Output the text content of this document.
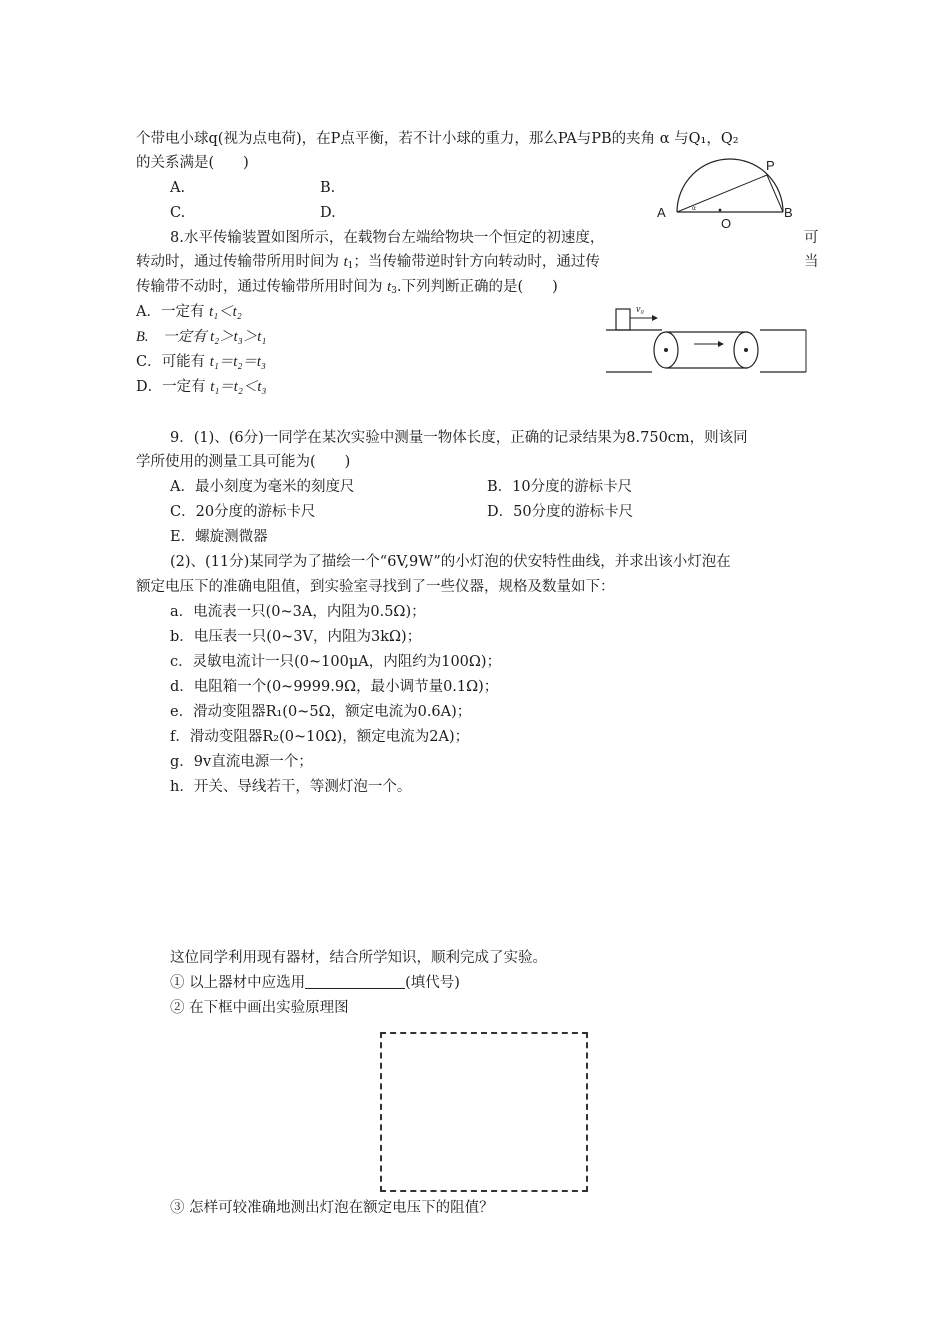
个带电小球q(视为点电荷)，在P点平衡，若不计小球的重力，那么PA与PB的夹角 α 与Q₁，Q₂
的关系满是(　　)
A.	B.
C.	D.	α
A	B
O
P
8.水平传输装置如图所示，在载物台左端给物块一个恒定的初速度，	可
转动时，通过传输带所用时间为 $t_1$；当传输带逆时针方向转动时，通过传	当
传输带不动时，通过传输带所用时间为 $t_3$.下列判断正确的是(　　)
A．一定有 t₁＜t₂
B.　一定有 t₂＞t₃＞t₁
C．可能有 t₁＝t₂＝t₃
D．一定有 t₁＝t₂＜t₃
v₀
9．(1)、(6分)一同学在某次实验中测量一物体长度，正确的记录结果为8.750cm，则该同
学所使用的测量工具可能为(　　)
A．最小刻度为毫米的刻度尺	B．10分度的游标卡尺
C．20分度的游标卡尺	D．50分度的游标卡尺
E．螺旋测微器
(2)、(11分)某同学为了描绘一个“6V,9W”的小灯泡的伏安特性曲线，并求出该小灯泡在
额定电压下的准确电阻值，到实验室寻找到了一些仪器，规格及数量如下：
a．电流表一只(0~3A，内阻为0.5Ω)；
b．电压表一只(0~3V，内阻为3kΩ)；
c．灵敏电流计一只(0~100μA，内阻约为100Ω)；
d．电阻箱一个(0~9999.9Ω，最小调节量0.1Ω)；
e．滑动变阻器R₁(0~5Ω，额定电流为0.6A)；
f．滑动变阻器R₂(0~10Ω)，额定电流为2A)；
g．9v直流电源一个；
h．开关、导线若干，等测灯泡一个。
这位同学利用现有器材，结合所学知识，顺利完成了实验。
① 以上器材中应选用	(填代号)
② 在下框中画出实验原理图
③ 怎样可较准确地测出灯泡在额定电压下的阻值？
